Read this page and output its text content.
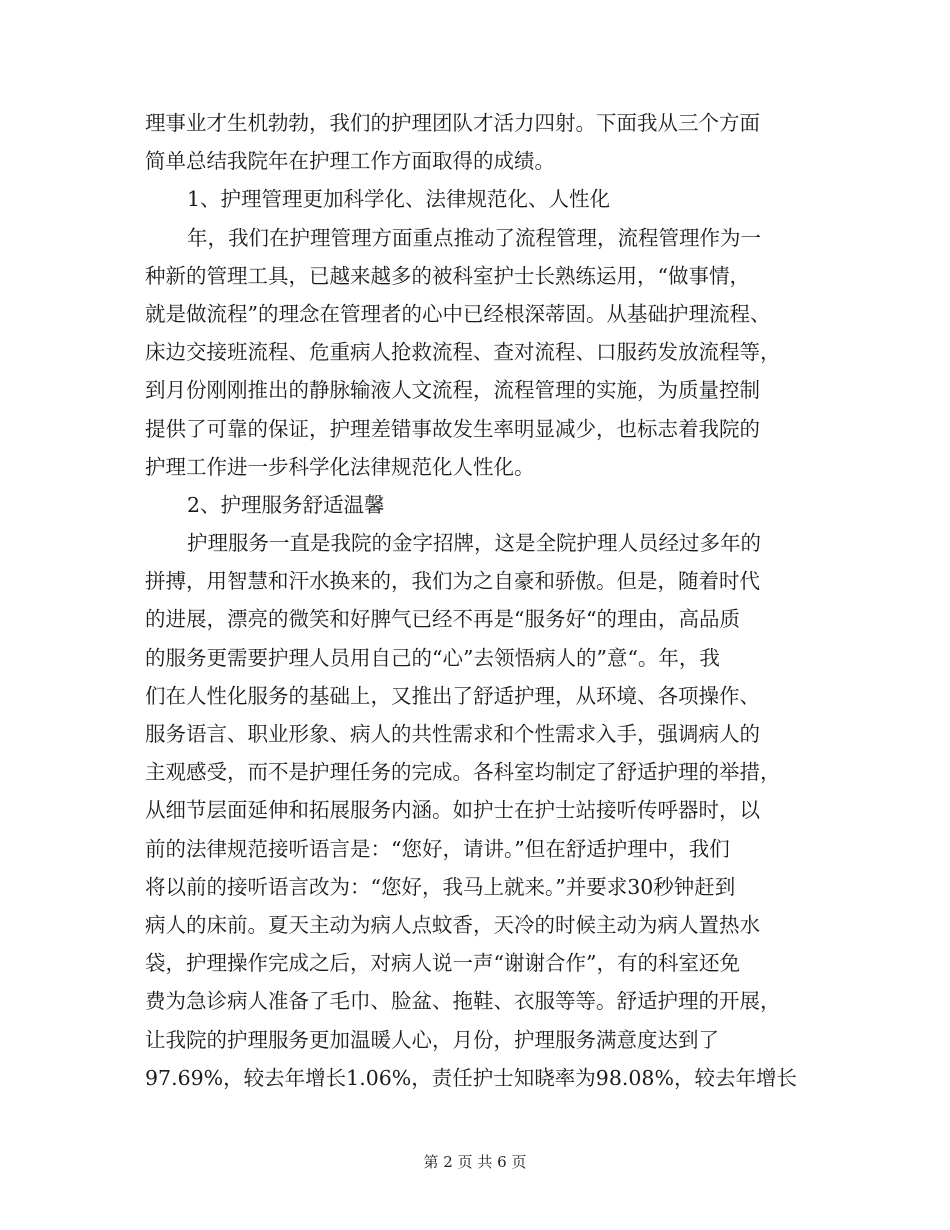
理事业才生机勃勃，我们的护理团队才活力四射。下面我从三个方面
简单总结我院年在护理工作方面取得的成绩。
1、护理管理更加科学化、法律规范化、人性化
年，我们在护理管理方面重点推动了流程管理，流程管理作为一
种新的管理工具，已越来越多的被科室护士长熟练运用，“做事情，
就是做流程”的理念在管理者的心中已经根深蒂固。从基础护理流程、
床边交接班流程、危重病人抢救流程、查对流程、口服药发放流程等，
到月份刚刚推出的静脉输液人文流程，流程管理的实施，为质量控制
提供了可靠的保证，护理差错事故发生率明显减少，也标志着我院的
护理工作进一步科学化法律规范化人性化。
2、护理服务舒适温馨
护理服务一直是我院的金字招牌，这是全院护理人员经过多年的
拼搏，用智慧和汗水换来的，我们为之自豪和骄傲。但是，随着时代
的进展，漂亮的微笑和好脾气已经不再是“服务好“的理由，高品质
的服务更需要护理人员用自己的“心”去领悟病人的”意“。年，我
们在人性化服务的基础上，又推出了舒适护理，从环境、各项操作、
服务语言、职业形象、病人的共性需求和个性需求入手，强调病人的
主观感受，而不是护理任务的完成。各科室均制定了舒适护理的举措，
从细节层面延伸和拓展服务内涵。如护士在护士站接听传呼器时，以
前的法律规范接听语言是：“您好，请讲。”但在舒适护理中，我们
将以前的接听语言改为：“您好，我马上就来。”并要求30秒钟赶到
病人的床前。夏天主动为病人点蚊香，天冷的时候主动为病人置热水
袋，护理操作完成之后，对病人说一声“谢谢合作”，有的科室还免
费为急诊病人准备了毛巾、脸盆、拖鞋、衣服等等。舒适护理的开展，
让我院的护理服务更加温暖人心，月份，护理服务满意度达到了
97.69%，较去年增长1.06%，责任护士知晓率为98.08%，较去年增长
第 2 页 共 6 页
